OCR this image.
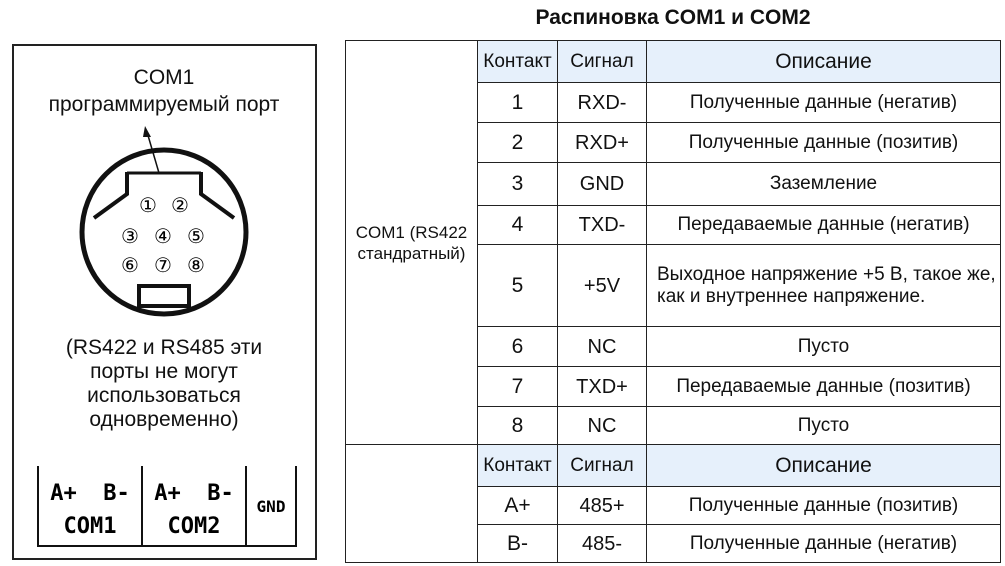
Распиновка COM1 и COM2
COM1
программируемый порт
① ②
③ ④ ⑤
⑥ ⑦ ⑧
(RS422 и RS485 эти
порты не могут
использоваться
одновременно)
A+  B-
COM1
A+  B-
COM2
GND
COM1 (RS422 стандратный)	Контакт	Сигнал	Описание
	1	RXD-	Полученные данные (негатив)
	2	RXD+	Полученные данные (позитив)
	3	GND	Заземление
	4	TXD-	Передаваемые данные (негатив)
	5	+5V	Выходное напряжение +5 В, такое же, как и внутреннее напряжение.
	6	NC	Пусто
	7	TXD+	Передаваемые данные (позитив)
	8	NC	Пусто
	Контакт	Сигнал	Описание
	A+	485+	Полученные данные (позитив)
	B-	485-	Полученные данные (негатив)
